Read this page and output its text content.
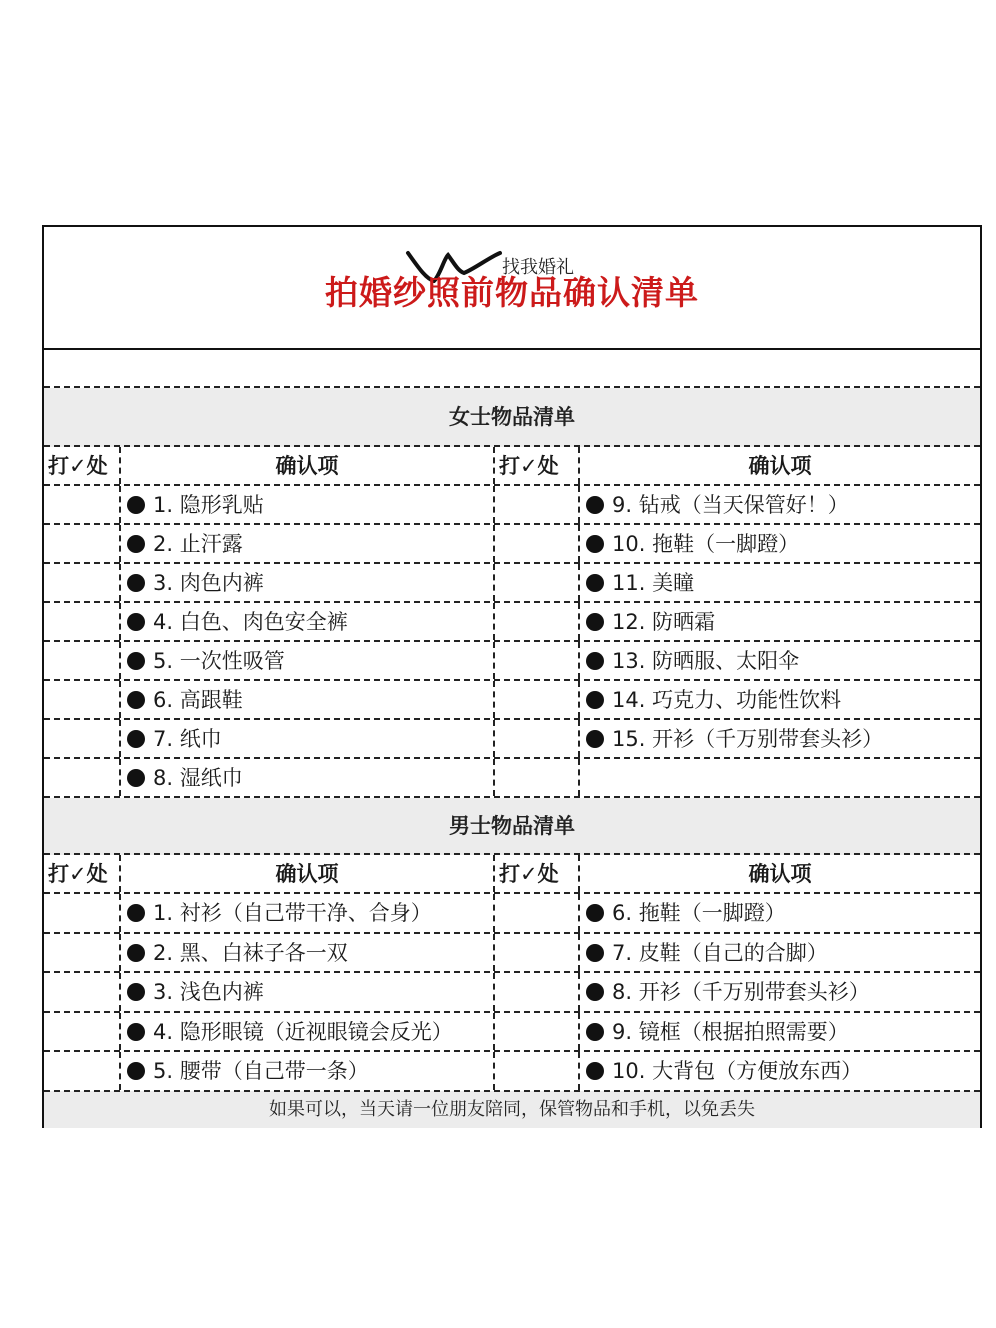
找我婚礼
拍婚纱照前物品确认清单
女士物品清单
男士物品清单
如果可以，当天请一位朋友陪同，保管物品和手机，以免丢失
打✓处	确认项	打✓处	确认项
1. 隐形乳贴	9. 钻戒（当天保管好！）
2. 止汗露	10. 拖鞋（一脚蹬）
3. 肉色内裤	11. 美瞳
4. 白色、肉色安全裤	12. 防晒霜
5. 一次性吸管	13. 防晒服、太阳伞
6. 高跟鞋	14. 巧克力、功能性饮料
7. 纸巾	15. 开衫（千万别带套头衫）
8. 湿纸巾
打✓处	确认项	打✓处	确认项
1. 衬衫（自己带干净、合身）	6. 拖鞋（一脚蹬）
2. 黑、白袜子各一双	7. 皮鞋（自己的合脚）
3. 浅色内裤	8. 开衫（千万别带套头衫）
4. 隐形眼镜（近视眼镜会反光）	9. 镜框（根据拍照需要）
5. 腰带（自己带一条）	10. 大背包（方便放东西）
